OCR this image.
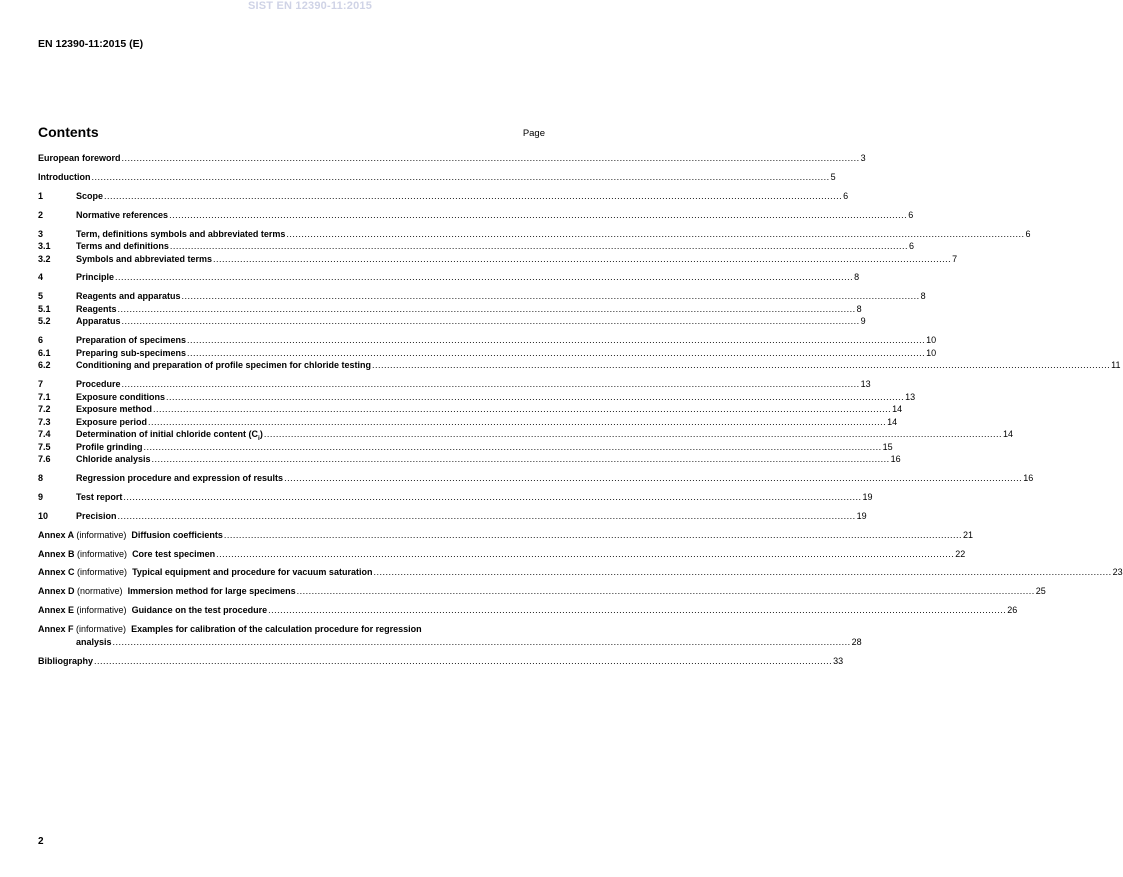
SIST EN 12390-11:2015
EN 12390-11:2015 (E)
Contents	Page
European foreword .....	3
Introduction .....	5
1	Scope .....	6
2	Normative references .....	6
3	Term, definitions symbols and abbreviated terms .....	6
3.1	Terms and definitions .....	6
3.2	Symbols and abbreviated terms .....	7
4	Principle .....	8
5	Reagents and apparatus .....	8
5.1	Reagents .....	8
5.2	Apparatus .....	9
6	Preparation of specimens .....	10
6.1	Preparing sub-specimens .....	10
6.2	Conditioning and preparation of profile specimen for chloride testing .....	11
7	Procedure .....	13
7.1	Exposure conditions .....	13
7.2	Exposure method .....	14
7.3	Exposure period .....	14
7.4	Determination of initial chloride content $(C_i)$ .....	14
7.5	Profile grinding .....	15
7.6	Chloride analysis .....	16
8	Regression procedure and expression of results .....	16
9	Test report .....	19
10	Precision .....	19
Annex A (informative) Diffusion coefficients .....	21
Annex B (informative) Core test specimen .....	22
Annex C (informative) Typical equipment and procedure for vacuum saturation .....	23
Annex D (normative) Immersion method for large specimens .....	25
Annex E (informative) Guidance on the test procedure .....	26
Annex F (informative) Examples for calibration of the calculation procedure for regression
analysis .....	28
Bibliography .....	33
2
